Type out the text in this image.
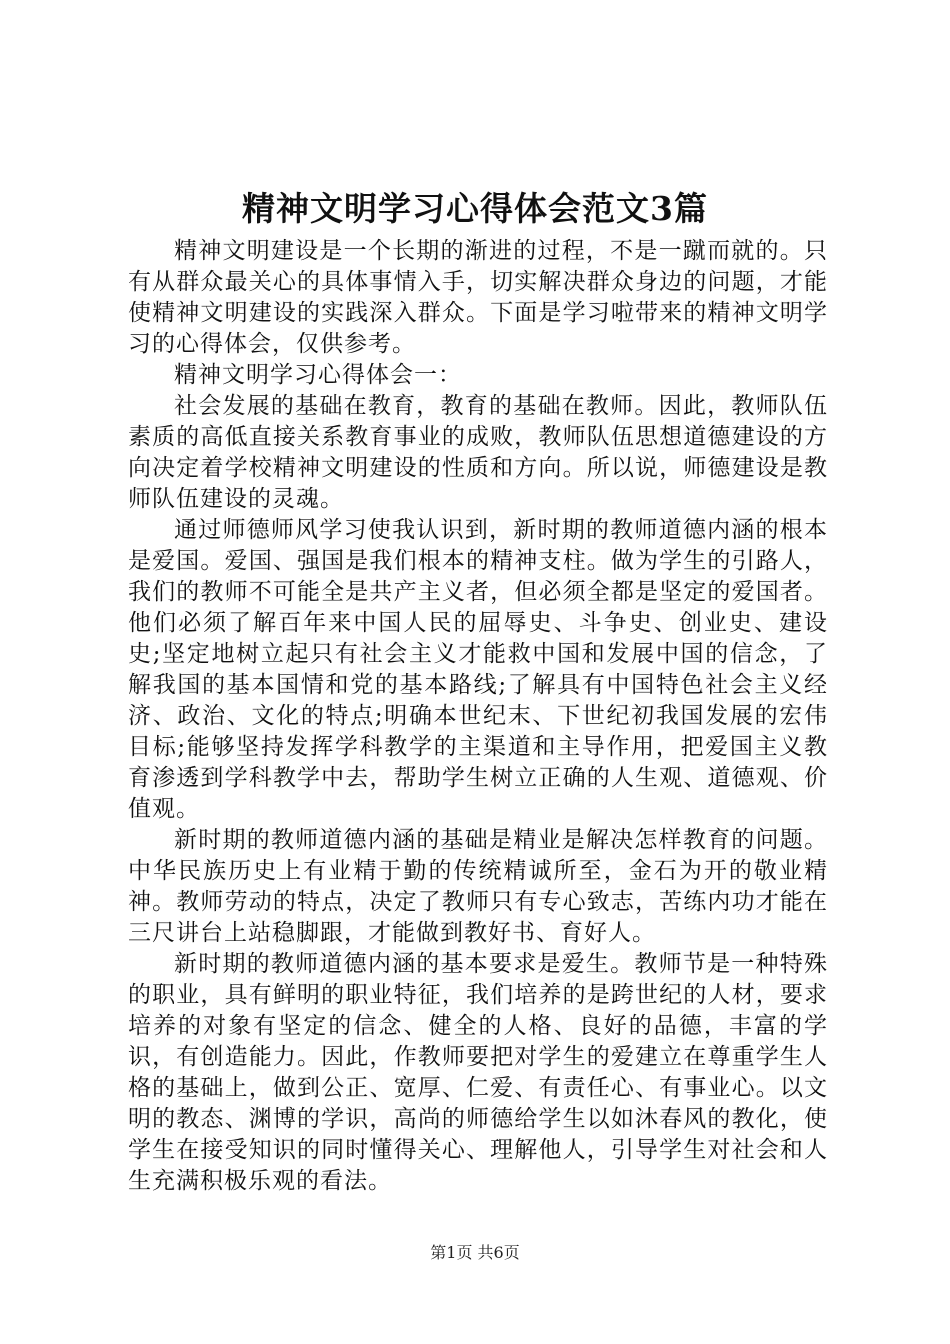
精神文明学习心得体会范文3篇

精神文明建设是一个长期的渐进的过程，不是一蹴而就的。只有从群众最关心的具体事情入手，切实解决群众身边的问题，才能使精神文明建设的实践深入群众。下面是学习啦带来的精神文明学习的心得体会，仅供参考。

精神文明学习心得体会一：

社会发展的基础在教育，教育的基础在教师。因此，教师队伍素质的高低直接关系教育事业的成败，教师队伍思想道德建设的方向决定着学校精神文明建设的性质和方向。所以说，师德建设是教师队伍建设的灵魂。

通过师德师风学习使我认识到，新时期的教师道德内涵的根本是爱国。爱国、强国是我们根本的精神支柱。做为学生的引路人，我们的教师不可能全是共产主义者，但必须全都是坚定的爱国者。他们必须了解百年来中国人民的屈辱史、斗争史、创业史、建设史;坚定地树立起只有社会主义才能救中国和发展中国的信念，了解我国的基本国情和党的基本路线;了解具有中国特色社会主义经济、政治、文化的特点;明确本世纪末、下世纪初我国发展的宏伟目标;能够坚持发挥学科教学的主渠道和主导作用，把爱国主义教育渗透到学科教学中去，帮助学生树立正确的人生观、道德观、价值观。

新时期的教师道德内涵的基础是精业是解决怎样教育的问题。中华民族历史上有业精于勤的传统精诚所至，金石为开的敬业精神。教师劳动的特点，决定了教师只有专心致志，苦练内功才能在三尺讲台上站稳脚跟，才能做到教好书、育好人。

新时期的教师道德内涵的基本要求是爱生。教师节是一种特殊的职业，具有鲜明的职业特征，我们培养的是跨世纪的人材，要求培养的对象有坚定的信念、健全的人格、良好的品德，丰富的学识，有创造能力。因此，作教师要把对学生的爱建立在尊重学生人格的基础上，做到公正、宽厚、仁爱、有责任心、有事业心。以文明的教态、渊博的学识，高尚的师德给学生以如沐春风的教化，使学生在接受知识的同时懂得关心、理解他人，引导学生对社会和人生充满积极乐观的看法。

第1页 共6页
